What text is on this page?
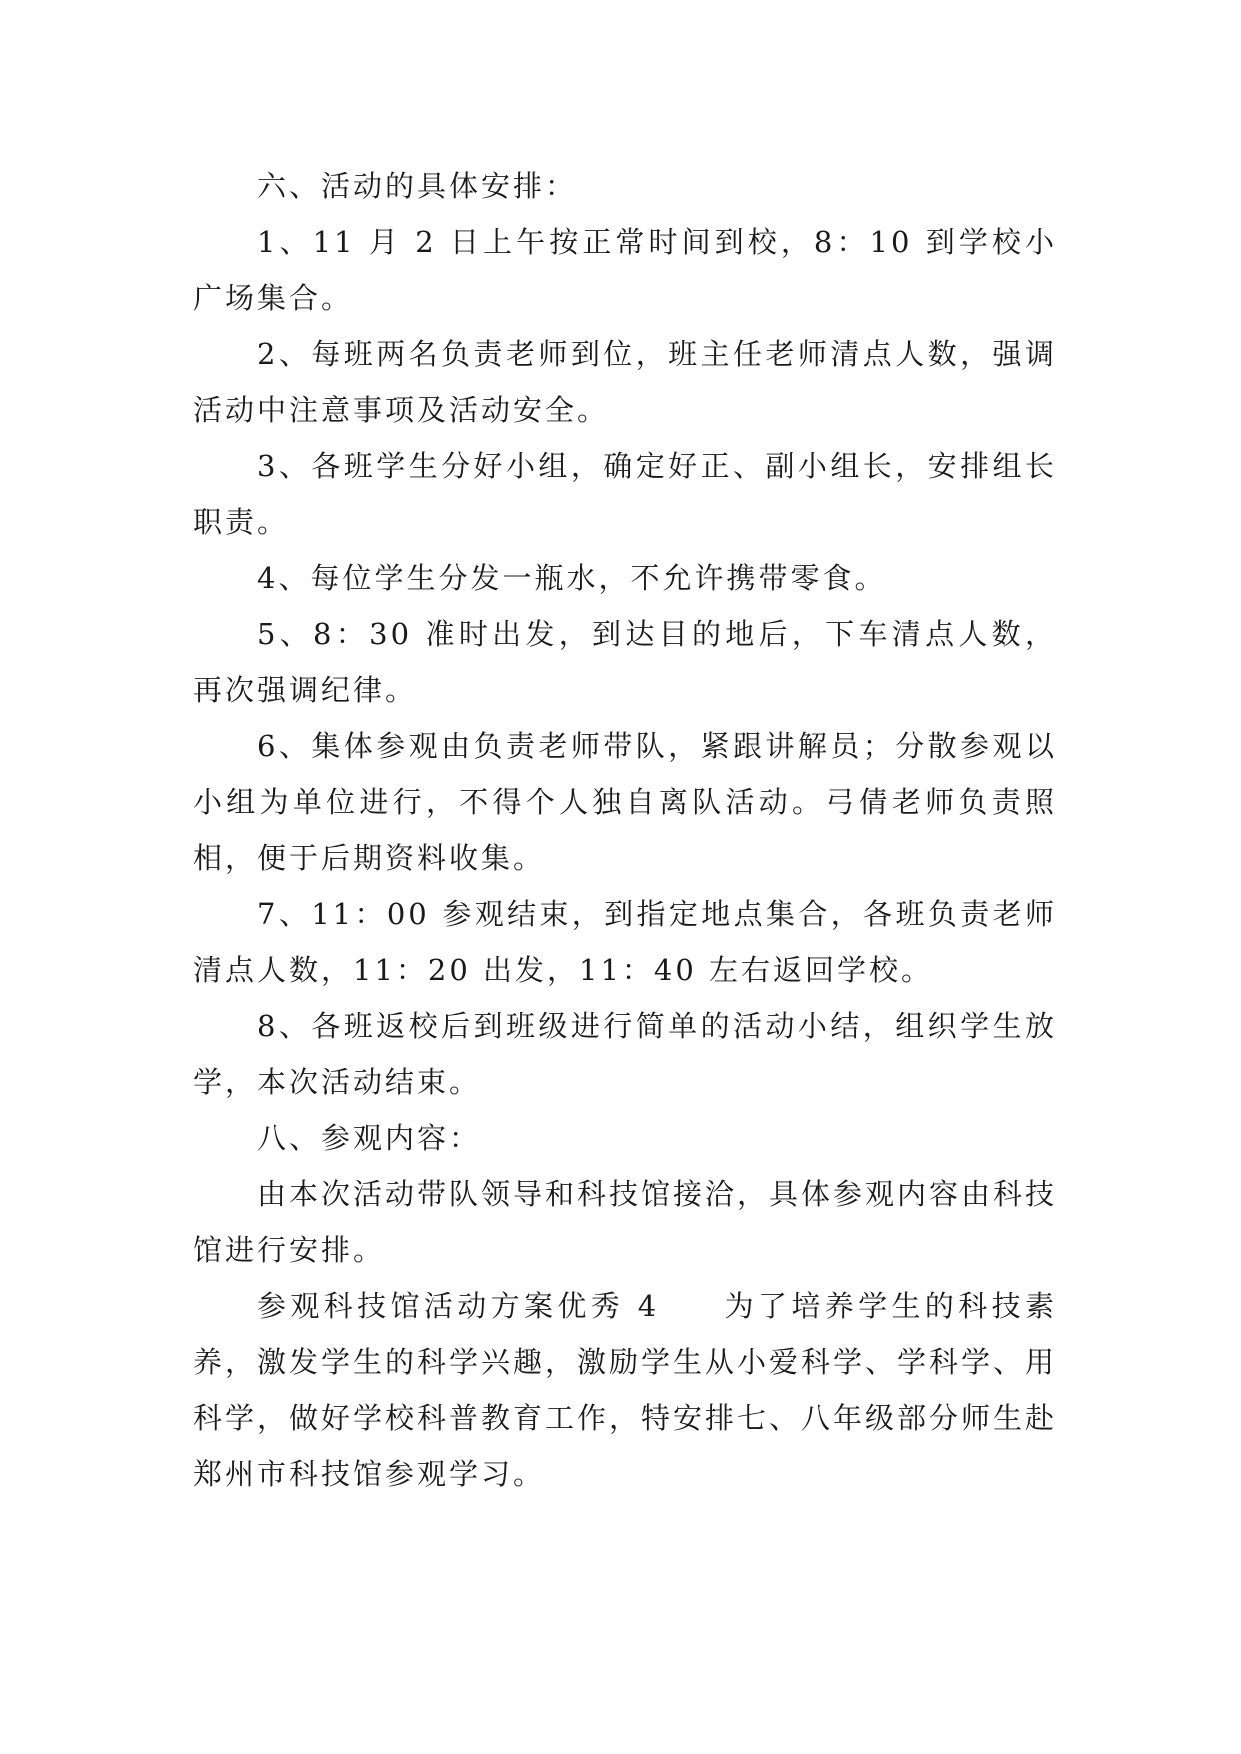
六、活动的具体安排：

1、11 月 2 日上午按正常时间到校，8：10 到学校小广场集合。

2、每班两名负责老师到位，班主任老师清点人数，强调活动中注意事项及活动安全。

3、各班学生分好小组，确定好正、副小组长，安排组长职责。

4、每位学生分发一瓶水，不允许携带零食。

5、8：30 准时出发，到达目的地后，下车清点人数，再次强调纪律。

6、集体参观由负责老师带队，紧跟讲解员；分散参观以小组为单位进行，不得个人独自离队活动。弓倩老师负责照相，便于后期资料收集。

7、11：00 参观结束，到指定地点集合，各班负责老师清点人数，11：20 出发，11：40 左右返回学校。

8、各班返校后到班级进行简单的活动小结，组织学生放学，本次活动结束。

八、参观内容：

由本次活动带队领导和科技馆接洽，具体参观内容由科技馆进行安排。

参观科技馆活动方案优秀 4 为了培养学生的科技素养，激发学生的科学兴趣，激励学生从小爱科学、学科学、用科学，做好学校科普教育工作，特安排七、八年级部分师生赴郑州市科技馆参观学习。
